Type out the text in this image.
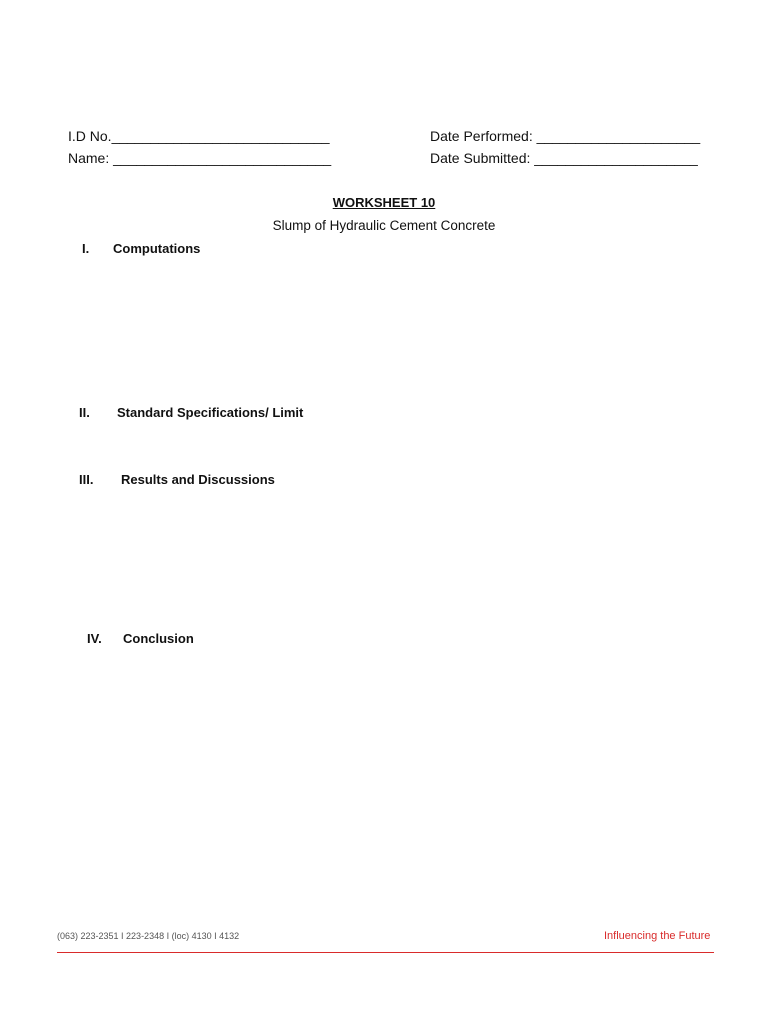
I.D No.____________________________
Name: ____________________________
Date Performed: _____________________
Date Submitted: _____________________
WORKSHEET 10
Slump of Hydraulic Cement Concrete
I. Computations
II. Standard Specifications/ Limit
III. Results and Discussions
IV. Conclusion
(063) 223-2351 I 223-2348 I (loc) 4130 I 4132	Influencing the Future
